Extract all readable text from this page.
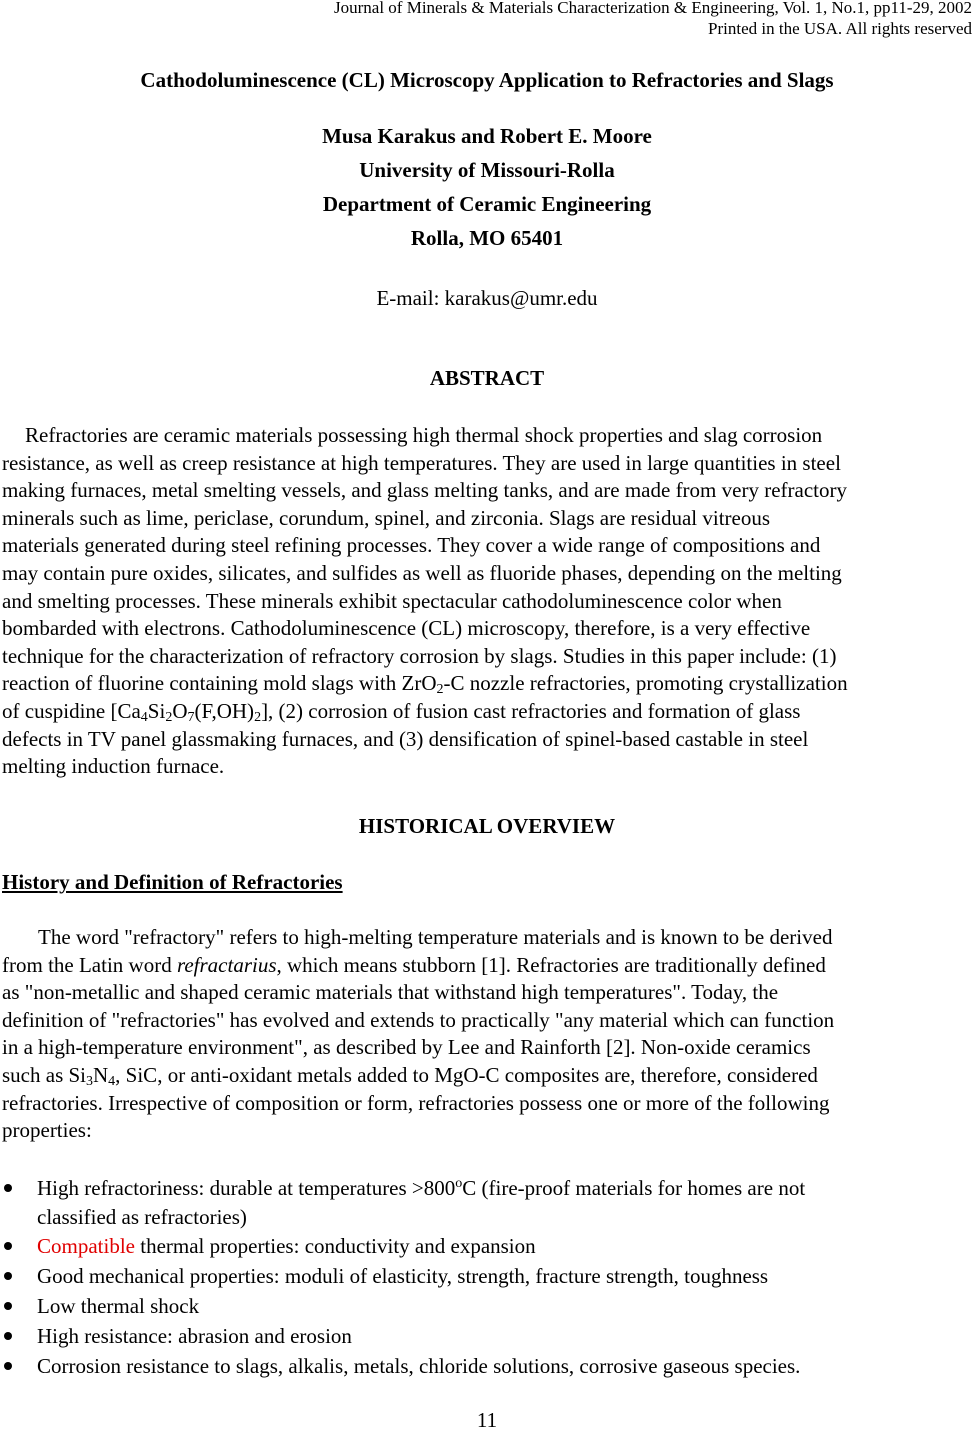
Journal of Minerals & Materials Characterization & Engineering, Vol. 1, No.1, pp11-29, 2002
Printed in the USA. All rights reserved
Cathodoluminescence (CL) Microscopy Application to Refractories and Slags
Musa Karakus and Robert E. Moore
University of Missouri-Rolla
Department of Ceramic Engineering
Rolla, MO 65401
E-mail: karakus@umr.edu
ABSTRACT
Refractories are ceramic materials possessing high thermal shock properties and slag corrosion
resistance, as well as creep resistance at high temperatures. They are used in large quantities in steel
making furnaces, metal smelting vessels, and glass melting tanks, and are made from very refractory
minerals such as lime, periclase, corundum, spinel, and zirconia. Slags are residual vitreous
materials generated during steel refining processes. They cover a wide range of compositions and
may contain pure oxides, silicates, and sulfides as well as fluoride phases, depending on the melting
and smelting processes. These minerals exhibit spectacular cathodoluminescence color when
bombarded with electrons. Cathodoluminescence (CL) microscopy, therefore, is a very effective
technique for the characterization of refractory corrosion by slags. Studies in this paper include: (1)
reaction of fluorine containing mold slags with ZrO$_2$-C nozzle refractories, promoting crystallization
of cuspidine $[Ca_4Si_2O_7(F,OH)_2]$, (2) corrosion of fusion cast refractories and formation of glass
defects in TV panel glassmaking furnaces, and (3) densification of spinel-based castable in steel
melting induction furnace.
HISTORICAL OVERVIEW
History and Definition of Refractories
The word "refractory" refers to high-melting temperature materials and is known to be derived
from the Latin word refractarius, which means stubborn [1]. Refractories are traditionally defined
as "non-metallic and shaped ceramic materials that withstand high temperatures". Today, the
definition of "refractories" has evolved and extends to practically "any material which can function
in a high-temperature environment", as described by Lee and Rainforth [2]. Non-oxide ceramics
such as $Si_3N_4$, SiC, or anti-oxidant metals added to MgO-C composites are, therefore, considered
refractories. Irrespective of composition or form, refractories possess one or more of the following
properties:
High refractoriness: durable at temperatures $>800^oC$ (fire-proof materials for homes are not
classified as refractories)
Compatible thermal properties: conductivity and expansion
Good mechanical properties: moduli of elasticity, strength, fracture strength, toughness
Low thermal shock
High resistance: abrasion and erosion
Corrosion resistance to slags, alkalis, metals, chloride solutions, corrosive gaseous species.
11
